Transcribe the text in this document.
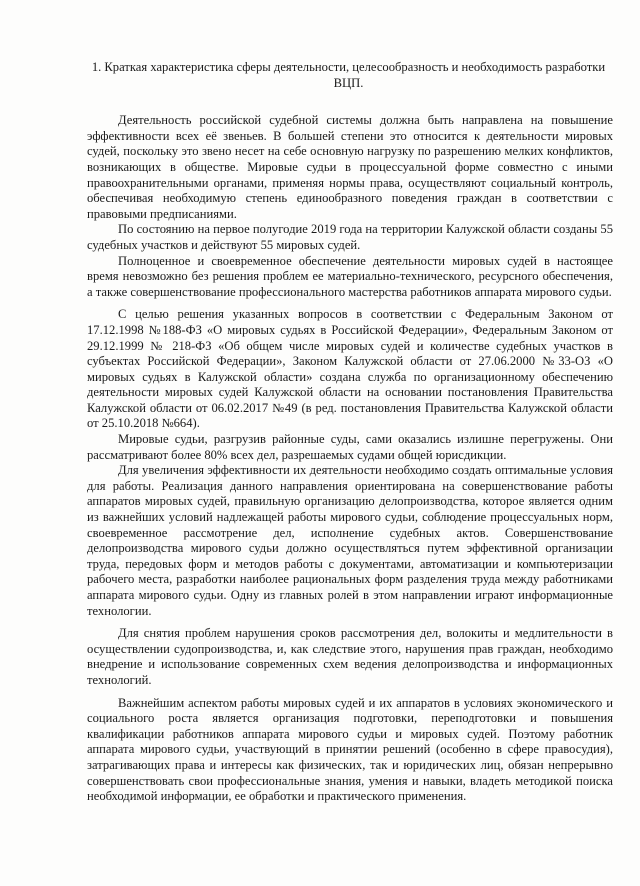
1. Краткая характеристика сферы деятельности, целесообразность и необходимость разработки ВЦП.
Деятельность российской судебной системы должна быть направлена на повышение эффективности всех её звеньев. В большей степени это относится к деятельности мировых судей, поскольку это звено несет на себе основную нагрузку по разрешению мелких конфликтов, возникающих в обществе. Мировые судьи в процессуальной форме совместно с иными правоохранительными органами, применяя нормы права, осуществляют социальный контроль, обеспечивая необходимую степень единообразного поведения граждан в соответствии с правовыми предписаниями.
По состоянию на первое полугодие 2019 года на территории Калужской области созданы 55 судебных участков и действуют 55 мировых судей.
Полноценное и своевременное обеспечение деятельности мировых судей в настоящее время невозможно без решения проблем ее материально-технического, ресурсного обеспечения, а также совершенствование профессионального мастерства работников аппарата мирового судьи.
С целью решения указанных вопросов в соответствии с Федеральным Законом от 17.12.1998 №188-ФЗ «О мировых судьях в Российской Федерации», Федеральным Законом от 29.12.1999 № 218-ФЗ «Об общем числе мировых судей и количестве судебных участков в субъектах Российской Федерации», Законом Калужской области от 27.06.2000 №33-ОЗ «О мировых судьях в Калужской области» создана служба по организационному обеспечению деятельности мировых судей Калужской области на основании постановления Правительства Калужской области от 06.02.2017 №49 (в ред. постановления Правительства Калужской области от 25.10.2018 №664).
Мировые судьи, разгрузив районные суды, сами оказались излишне перегружены. Они рассматривают более 80% всех дел, разрешаемых судами общей юрисдикции.
Для увеличения эффективности их деятельности необходимо создать оптимальные условия для работы. Реализация данного направления ориентирована на совершенствование работы аппаратов мировых судей, правильную организацию делопроизводства, которое является одним из важнейших условий надлежащей работы мирового судьи, соблюдение процессуальных норм, своевременное рассмотрение дел, исполнение судебных актов. Совершенствование делопроизводства мирового судьи должно осуществляться путем эффективной организации труда, передовых форм и методов работы с документами, автоматизации и компьютеризации рабочего места, разработки наиболее рациональных форм разделения труда между работниками аппарата мирового судьи. Одну из главных ролей в этом направлении играют информационные технологии.
Для снятия проблем нарушения сроков рассмотрения дел, волокиты и медлительности в осуществлении судопроизводства, и, как следствие этого, нарушения прав граждан, необходимо внедрение и использование современных схем ведения делопроизводства и информационных технологий.
Важнейшим аспектом работы мировых судей и их аппаратов в условиях экономического и социального роста является организация подготовки, переподготовки и повышения квалификации работников аппарата мирового судьи и мировых судей. Поэтому работник аппарата мирового судьи, участвующий в принятии решений (особенно в сфере правосудия), затрагивающих права и интересы как физических, так и юридических лиц, обязан непрерывно совершенствовать свои профессиональные знания, умения и навыки, владеть методикой поиска необходимой информации, ее обработки и практического применения.
